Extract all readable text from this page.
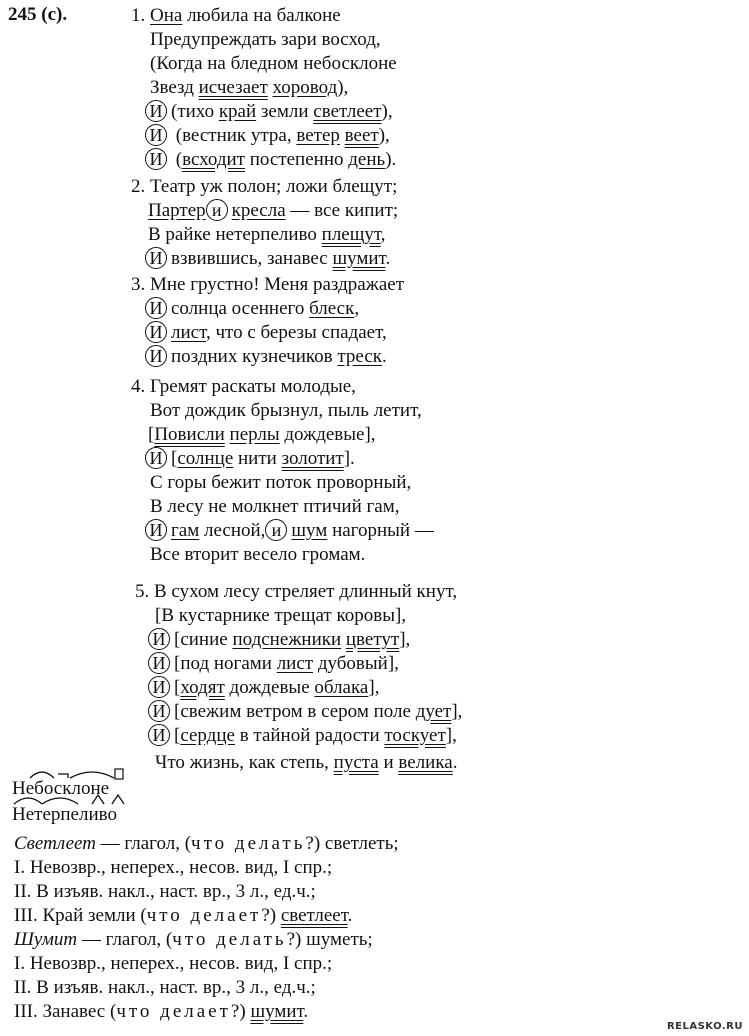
245 (с).	1. Она любила на балконе
Предупреждать зари восход,
(Когда на бледном небосклоне
Звезд исчезает хоровод),
И (тихо край земли светлеет),
И (вестник утра, ветер веет),
И (всходит постепенно день).
2. Театр уж полон; ложи блещут;
Партер и кресла — все кипит;
В райке нетерпеливо плещут,
И взвившись, занавес шумит.
3. Мне грустно! Меня раздражает
И солнца осеннего блеск,
И лист, что с березы спадает,
И поздних кузнечиков треск.
4. Гремят раскаты молодые,
Вот дождик брызнул, пыль летит,
[Повисли перлы дождевые],
И [солнце нити золотит].
С горы бежит поток проворный,
В лесу не молкнет птичий гам,
И гам лесной, и шум нагорный —
Все вторит весело громам.
5. В сухом лесу стреляет длинный кнут,
[В кустарнике трещат коровы],
И [синие подснежники цветут],
И [под ногами лист дубовый],
И [ходят дождевые облака],
И [свежим ветром в сером поле дует],
И [сердце в тайной радости тоскует],
Что жизнь, как степь, пуста и велика.
Небосклоне
Нетерпеливо
Светлеет — глагол, (что делать?) светлеть;
I. Невозвр., неперех., несов. вид, I спр.;
II. В изъяв. накл., наст. вр., 3 л., ед.ч.;
III. Край земли (что делает?) светлеет.
Шумит — глагол, (что делать?) шуметь;
I. Невозвр., неперех., несов. вид, I спр.;
II. В изъяв. накл., наст. вр., 3 л., ед.ч.;
III. Занавес (что делает?) шумит.
RELASKO.RU
